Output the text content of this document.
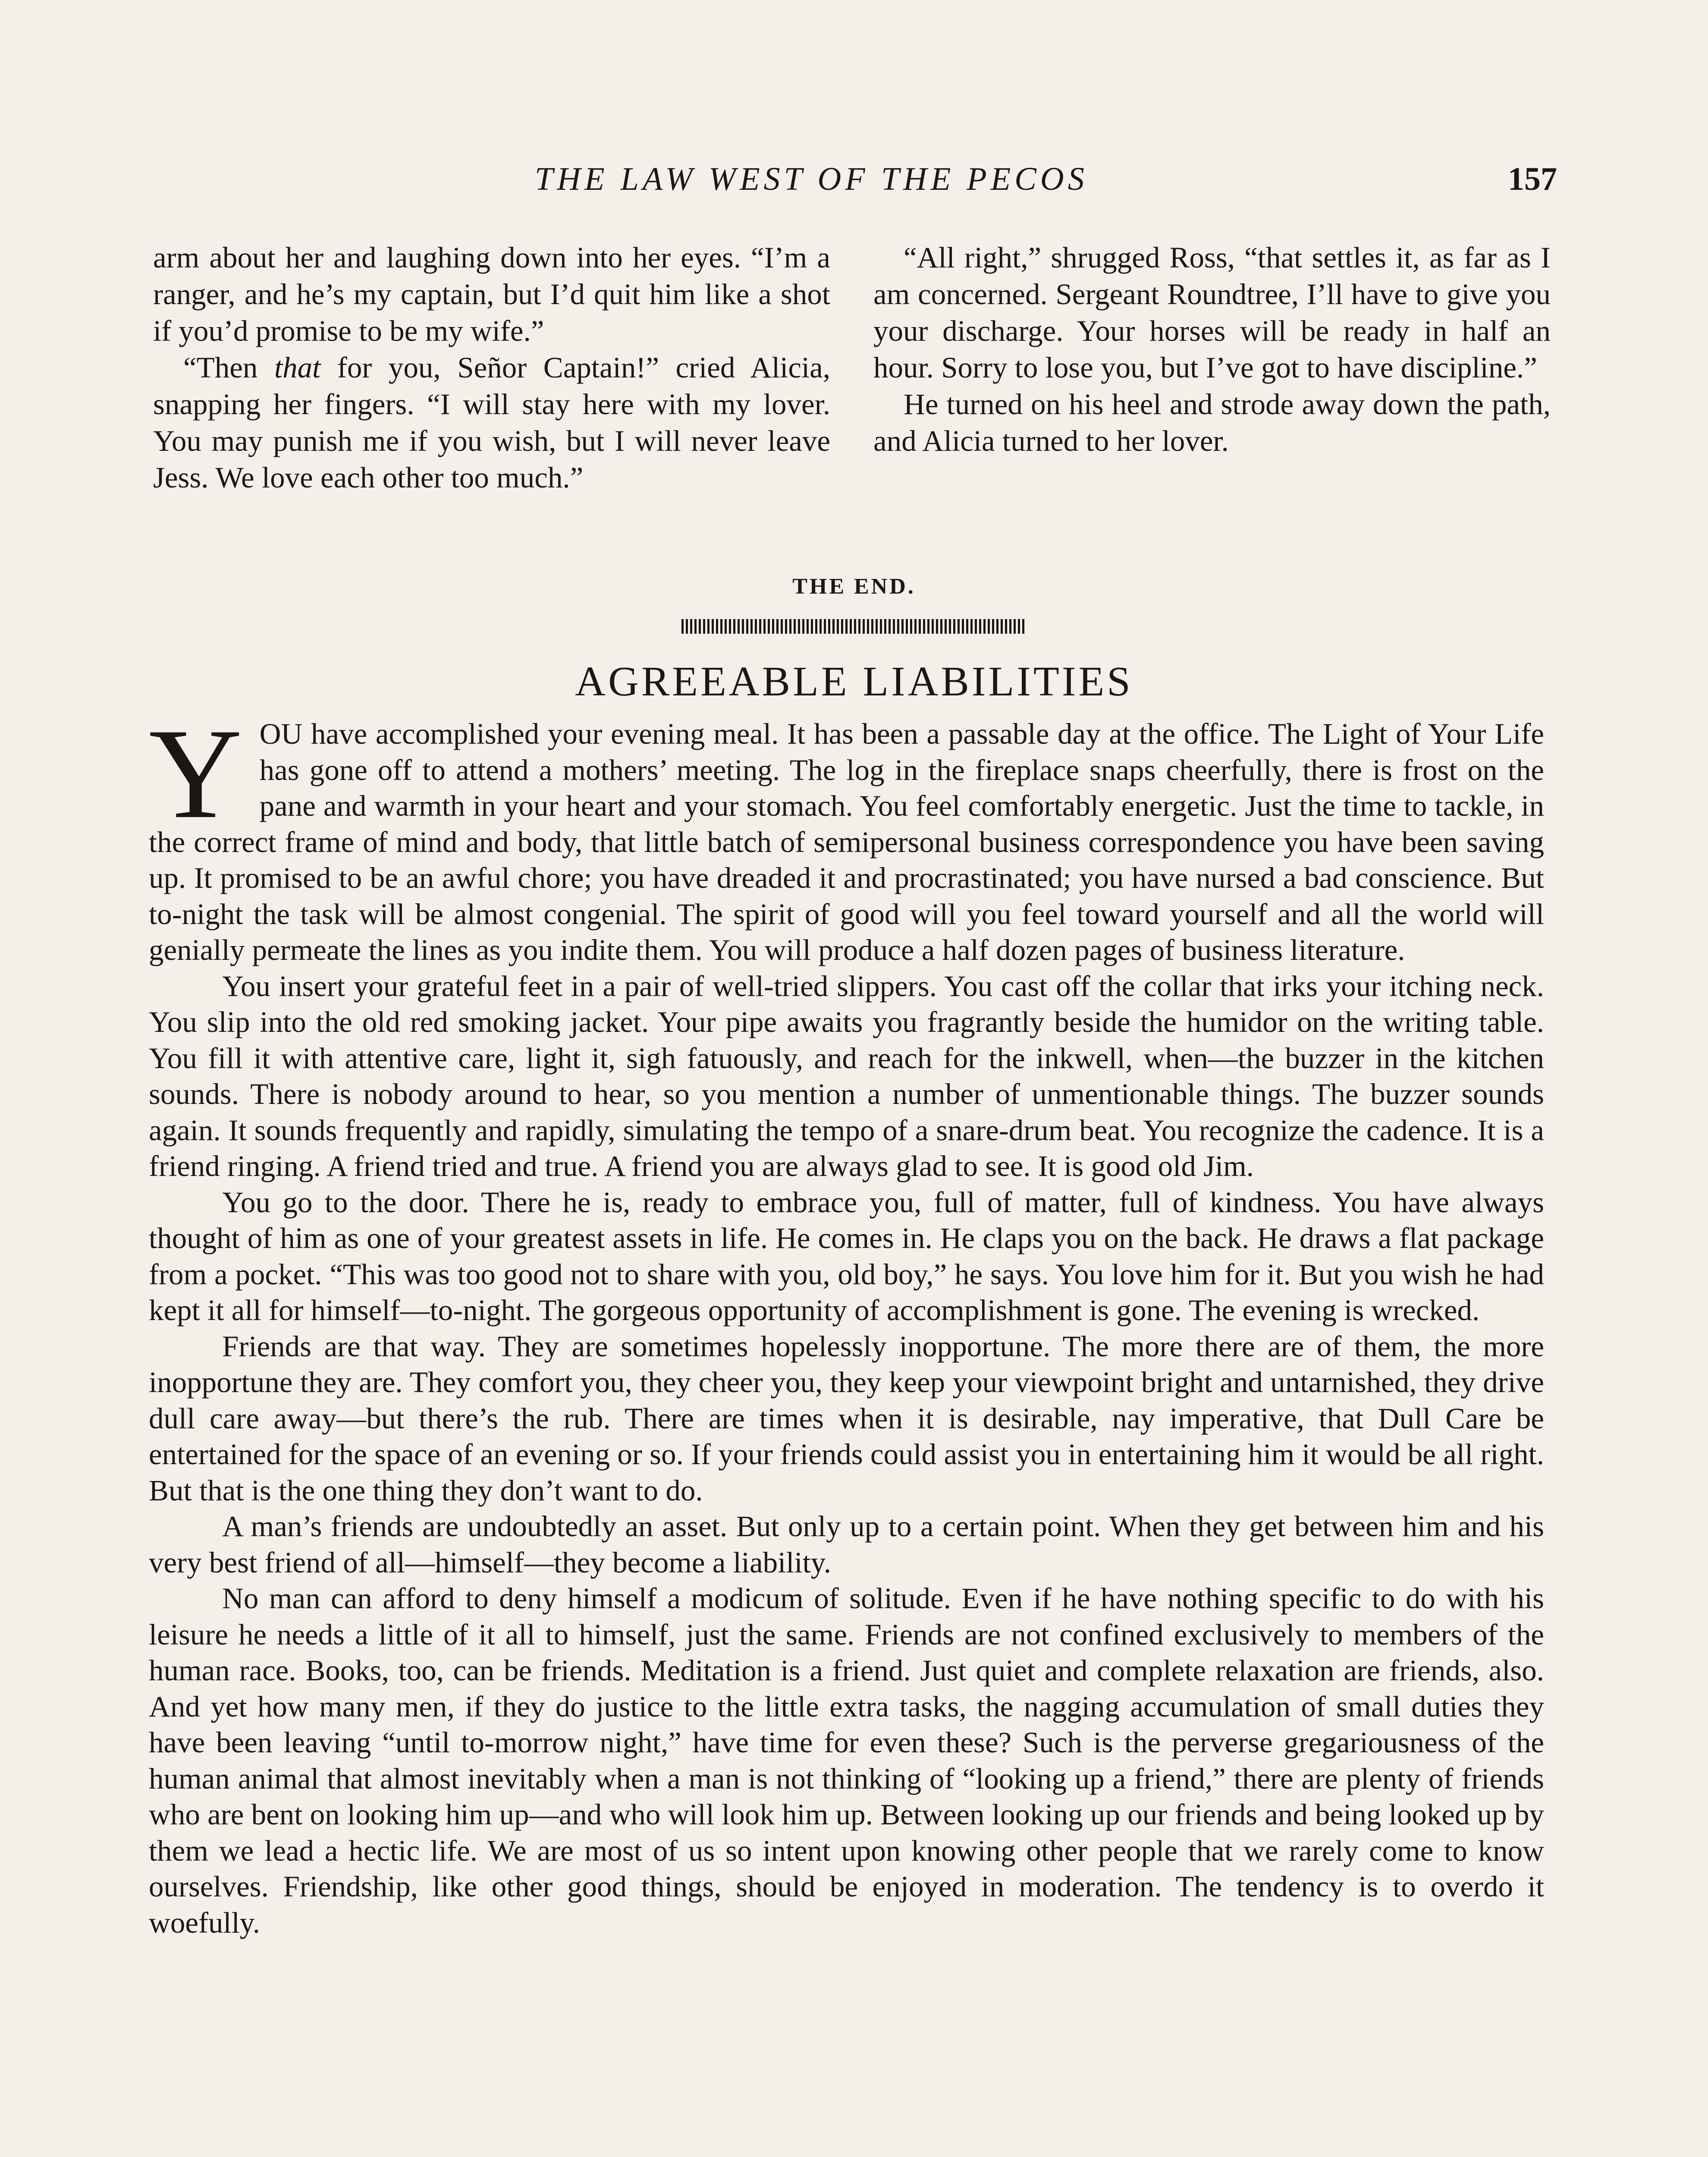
THE LAW WEST OF THE PECOS	157

arm about her and laughing down into her eyes. “I’m a ranger, and he’s my captain, but I’d quit him like a shot if you’d promise to be my wife.”

“Then that for you, Señor Captain!” cried Alicia, snapping her fingers. “I will stay here with my lover. You may punish me if you wish, but I will never leave Jess. We love each other too much.”

“All right,” shrugged Ross, “that settles it, as far as I am concerned. Sergeant Roundtree, I’ll have to give you your discharge. Your horses will be ready in half an hour. Sorry to lose you, but I’ve got to have discipline.”

He turned on his heel and strode away down the path, and Alicia turned to her lover.

THE END.
AGREEABLE LIABILITIES

YOU have accomplished your evening meal. It has been a passable day at the office. The Light of Your Life has gone off to attend a mothers’ meeting. The log in the fireplace snaps cheerfully, there is frost on the pane and warmth in your heart and your stomach. You feel comfortably energetic. Just the time to tackle, in the correct frame of mind and body, that little batch of semipersonal business correspondence you have been saving up. It promised to be an awful chore; you have dreaded it and procrastinated; you have nursed a bad conscience. But to-night the task will be almost congenial. The spirit of good will you feel toward yourself and all the world will genially permeate the lines as you indite them. You will produce a half dozen pages of business literature.

You insert your grateful feet in a pair of well-tried slippers. You cast off the collar that irks your itching neck. You slip into the old red smoking jacket. Your pipe awaits you fragrantly beside the humidor on the writing table. You fill it with attentive care, light it, sigh fatuously, and reach for the inkwell, when—the buzzer in the kitchen sounds. There is nobody around to hear, so you mention a number of unmentionable things. The buzzer sounds again. It sounds frequently and rapidly, simulating the tempo of a snare-drum beat. You recognize the cadence. It is a friend ringing. A friend tried and true. A friend you are always glad to see. It is good old Jim.

You go to the door. There he is, ready to embrace you, full of matter, full of kindness. You have always thought of him as one of your greatest assets in life. He comes in. He claps you on the back. He draws a flat package from a pocket. “This was too good not to share with you, old boy,” he says. You love him for it. But you wish he had kept it all for himself—to-night. The gorgeous opportunity of accomplishment is gone. The evening is wrecked.

Friends are that way. They are sometimes hopelessly inopportune. The more there are of them, the more inopportune they are. They comfort you, they cheer you, they keep your viewpoint bright and untarnished, they drive dull care away—but there’s the rub. There are times when it is desirable, nay imperative, that Dull Care be entertained for the space of an evening or so. If your friends could assist you in entertaining him it would be all right. But that is the one thing they don’t want to do.

A man’s friends are undoubtedly an asset. But only up to a certain point. When they get between him and his very best friend of all—himself—they become a liability.

No man can afford to deny himself a modicum of solitude. Even if he have nothing specific to do with his leisure he needs a little of it all to himself, just the same. Friends are not confined exclusively to members of the human race. Books, too, can be friends. Meditation is a friend. Just quiet and complete relaxation are friends, also. And yet how many men, if they do justice to the little extra tasks, the nagging accumulation of small duties they have been leaving “until to-morrow night,” have time for even these? Such is the perverse gregariousness of the human animal that almost inevitably when a man is not thinking of “looking up a friend,” there are plenty of friends who are bent on looking him up—and who will look him up. Between looking up our friends and being looked up by them we lead a hectic life. We are most of us so intent upon knowing other people that we rarely come to know ourselves. Friendship, like other good things, should be enjoyed in moderation. The tendency is to overdo it woefully.
